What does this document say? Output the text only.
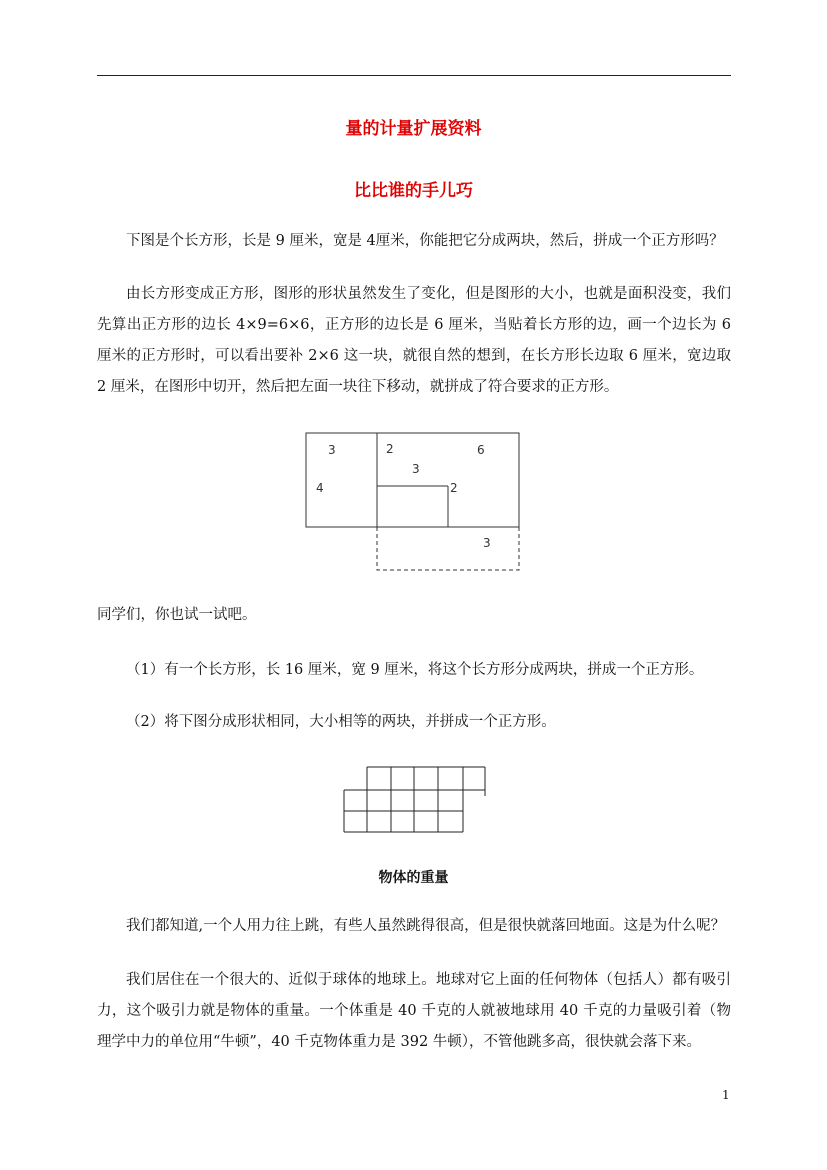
量的计量扩展资料
比比谁的手儿巧

下图是个长方形，长是 9 厘米，宽是 4厘米，你能把它分成两块，然后，拼成一个正方形吗？

由长方形变成正方形，图形的形状虽然发生了变化，但是图形的大小，也就是面积没变，我们先算出正方形的边长 4×9=6×6，正方形的边长是 6 厘米，当贴着长方形的边，画一个边长为 6 厘米的正方形时，可以看出要补 2×6 这一块，就很自然的想到，在长方形长边取 6 厘米，宽边取 2 厘米，在图形中切开，然后把左面一块往下移动，就拼成了符合要求的正方形。

3	2	6
3
4	2
3
同学们，你也试一试吧。
（1）有一个长方形，长 16 厘米，宽 9 厘米，将这个长方形分成两块，拼成一个正方形。
（2）将下图分成形状相同，大小相等的两块，并拼成一个正方形。
物体的重量

我们都知道,一个人用力往上跳，有些人虽然跳得很高，但是很快就落回地面。这是为什么呢？

我们居住在一个很大的、近似于球体的地球上。地球对它上面的任何物体（包括人）都有吸引力，这个吸引力就是物体的重量。一个体重是 40 千克的人就被地球用 40 千克的力量吸引着（物理学中力的单位用“牛顿”，40 千克物体重力是 392 牛顿），不管他跳多高，很快就会落下来。

1
